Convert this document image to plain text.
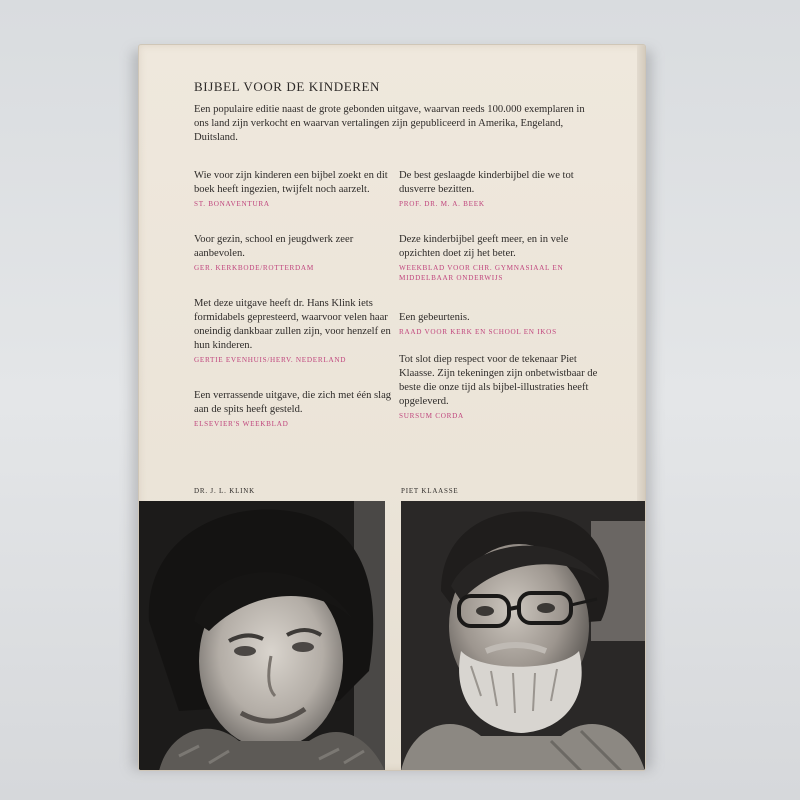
BIJBEL VOOR DE KINDEREN

Een populaire editie naast de grote gebonden uitgave, waarvan reeds 100.000 exemplaren in ons land zijn verkocht en waarvan vertalingen zijn gepubliceerd in Amerika, Engeland, Duitsland.

Wie voor zijn kinderen een bijbel zoekt en dit boek heeft ingezien, twijfelt noch aarzelt.

ST. BONAVENTURA

Voor gezin, school en jeugdwerk zeer aanbevolen.

GER. KERKBODE/ROTTERDAM

Met deze uitgave heeft dr. Hans Klink iets formidabels gepresteerd, waarvoor velen haar oneindig dankbaar zullen zijn, voor henzelf en hun kinderen.

GERTIE EVENHUIS/HERV. NEDERLAND

Een verrassende uitgave, die zich met één slag aan de spits heeft gesteld.

ELSEVIER'S WEEKBLAD

De best geslaagde kinderbijbel die we tot dusverre bezitten.

PROF. DR. M. A. BEEK

Deze kinderbijbel geeft meer, en in vele opzichten doet zij het beter.

WEEKBLAD VOOR CHR. GYMNASIAAL EN MIDDELBAAR ONDERWIJS

Een gebeurtenis.

RAAD VOOR KERK EN SCHOOL EN IKOS

Tot slot diep respect voor de tekenaar Piet Klaasse. Zijn tekeningen zijn onbetwistbaar de beste die onze tijd als bijbel-illustraties heeft opgeleverd.

SURSUM CORDA

DR. J. L. KLINK	PIET KLAASSE
